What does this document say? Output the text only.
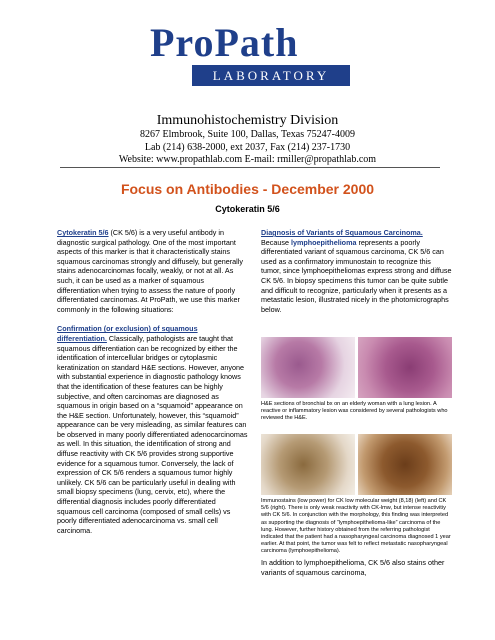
ProPath
LABORATORY
Immunohistochemistry Division
8267 Elmbrook, Suite 100, Dallas, Texas 75247-4009
Lab (214) 638-2000, ext 2037, Fax (214) 237-1730
Website: www.propathlab.com E-mail: rmiller@propathlab.com
Focus on Antibodies - December 2000
Cytokeratin 5/6

Cytokeratin 5/6 (CK 5/6) is a very useful antibody in diagnostic surgical pathology. One of the most important aspects of this marker is that it characteristically stains squamous carcinomas strongly and diffusely, but generally stains adenocarcinomas focally, weakly, or not at all. As such, it can be used as a marker of squamous differentiation when trying to assess the nature of poorly differentiated carcinomas. At ProPath, we use this marker commonly in the following situations:

Confirmation (or exclusion) of squamous differentiation. Classically, pathologists are taught that squamous differentiation can be recognized by either the identification of intercellular bridges or cytoplasmic keratinization on standard H&E sections. However, anyone with substantial experience in diagnostic pathology knows that the identification of these features can be highly subjective, and often carcinomas are diagnosed as squamous in origin based on a “squamoid” appearance on the H&E section. Unfortunately, however, this “squamoid” appearance can be very misleading, as similar features can be observed in many poorly differentiated adenocarcinomas as well. In this situation, the identification of strong and diffuse reactivity with CK 5/6 provides strong supportive evidence for a squamous tumor. Conversely, the lack of expression of CK 5/6 renders a squamous tumor highly unlikely. CK 5/6 can be particularly useful in dealing with small biopsy specimens (lung, cervix, etc), where the differential diagnosis includes poorly differentiated squamous cell carcinoma (composed of small cells) vs poorly differentiated adenocarcinoma vs. small cell carcinoma.

Diagnosis of Variants of Squamous Carcinoma. Because lymphoepithelioma represents a poorly differentiated variant of squamous carcinoma, CK 5/6 can used as a confirmatory immunostain to recognize this tumor, since lymphoepitheliomas express strong and diffuse CK 5/6. In biopsy specimens this tumor can be quite subtle and difficult to recognize, particularly when it presents as a metastatic lesion, illustrated nicely in the photomicrographs below.

H&E sections of bronchial bx on an elderly woman with a lung lesion. A reactive or inflammatory lesion was considered by several pathologists who reviewed the H&E.
Immunostains (low power) for CK low molecular weight (8,18) (left) and CK 5/6 (right). There is only weak reactivity with CK-lmw, but intense reactivitiy with CK 5/6. In conjunction with the morphology, this finding was interpreted as supporting the diagnosis of “lymphoepithelioma-like” carcinoma of the lung. However, further history obtained from the referring pathologist indicated that the patient had a nasopharyngeal carcinoma diagnosed 1 year earlier. At that point, the tumor was felt to reflect metastatic nasopharyngeal carcinoma (lymphoepithelioma).

In addition to lymphoepithelioma, CK 5/6 also stains other variants of squamous carcinoma,
